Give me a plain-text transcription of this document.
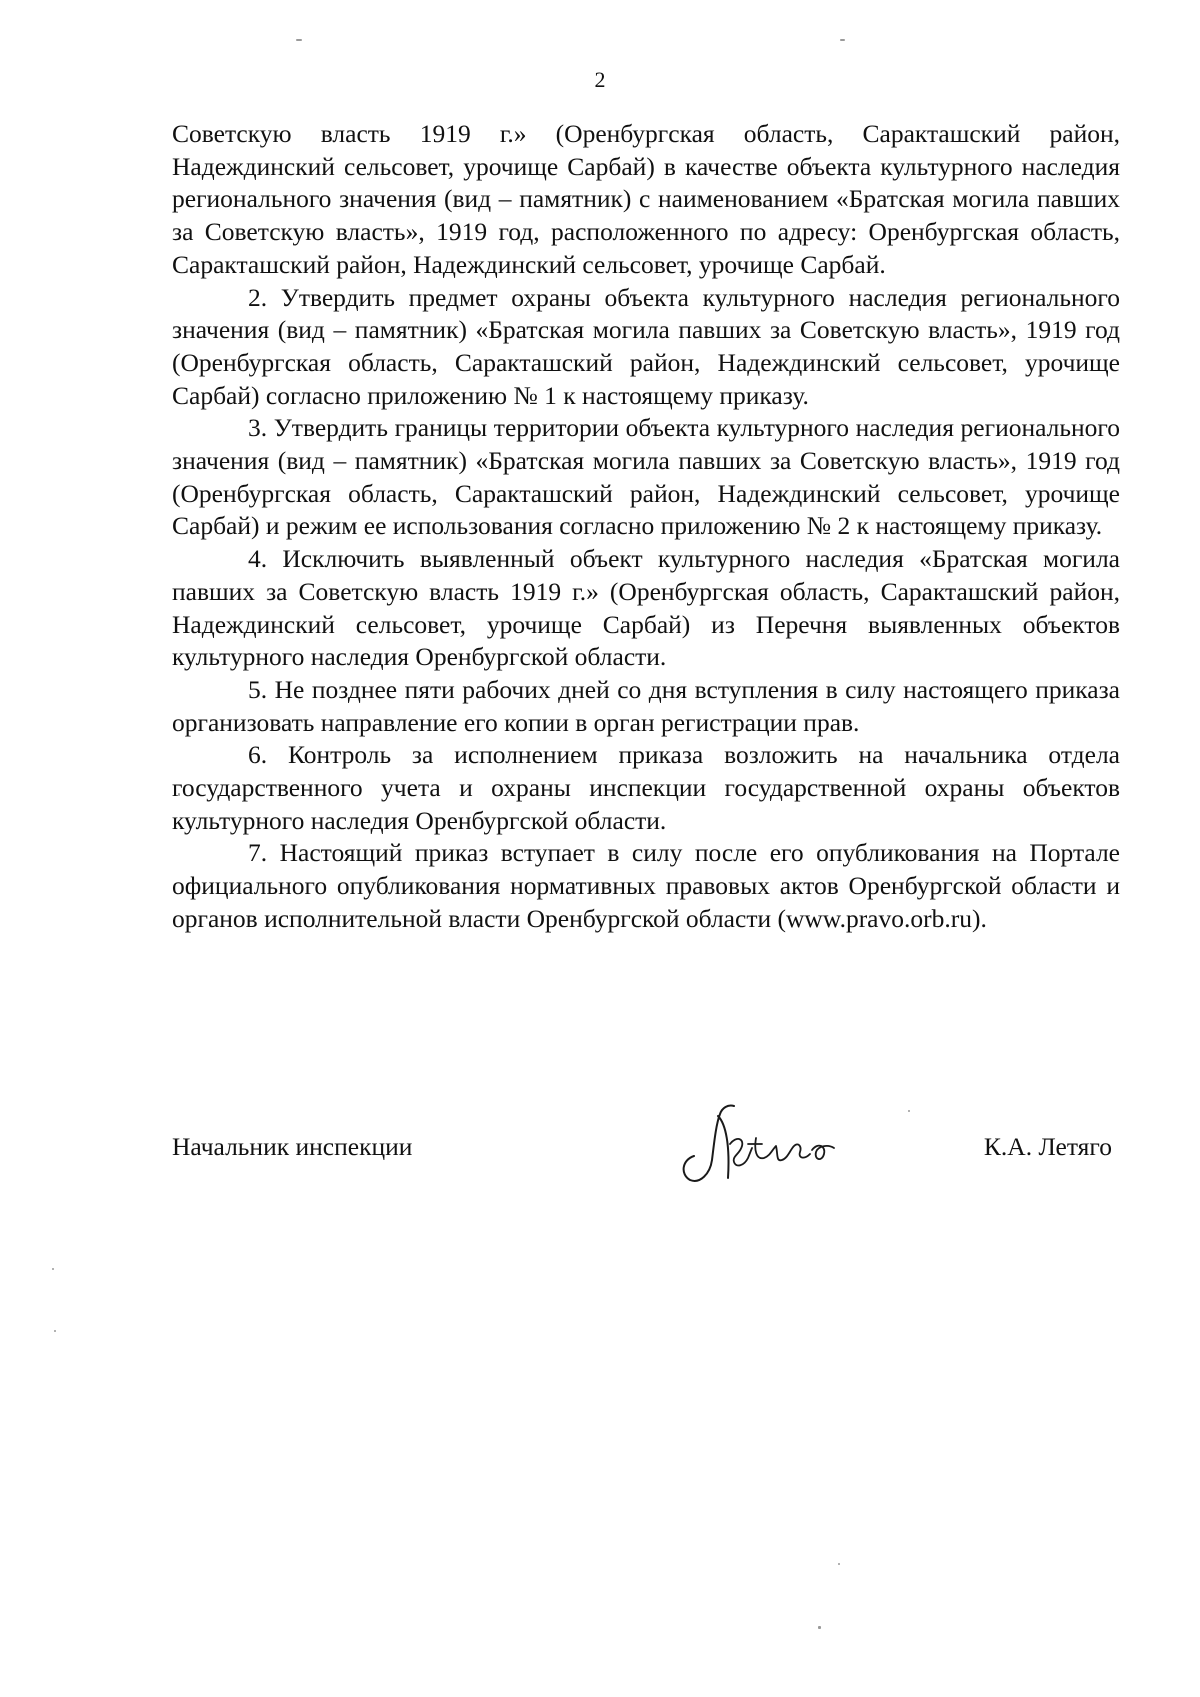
2

Советскую власть 1919 г.» (Оренбургская область, Саракташский район, Надеждинский сельсовет, урочище Сарбай) в качестве объекта культурного наследия регионального значения (вид – памятник) с наименованием «Братская могила павших за Советскую власть», 1919 год, расположенного по адресу: Оренбургская область, Саракташский район, Надеждинский сельсовет, урочище Сарбай.

2. Утвердить предмет охраны объекта культурного наследия регионального значения (вид – памятник) «Братская могила павших за Советскую власть», 1919 год (Оренбургская область, Саракташский район, Надеждинский сельсовет, урочище Сарбай) согласно приложению № 1 к настоящему приказу.

3. Утвердить границы территории объекта культурного наследия регионального значения (вид – памятник) «Братская могила павших за Советскую власть», 1919 год (Оренбургская область, Саракташский район, Надеждинский сельсовет, урочище Сарбай) и режим ее использования согласно приложению № 2 к настоящему приказу.

4. Исключить выявленный объект культурного наследия «Братская могила павших за Советскую власть 1919 г.» (Оренбургская область, Саракташский район, Надеждинский сельсовет, урочище Сарбай) из Перечня выявленных объектов культурного наследия Оренбургской области.

5. Не позднее пяти рабочих дней со дня вступления в силу настоящего приказа организовать направление его копии в орган регистрации прав.

6. Контроль за исполнением приказа возложить на начальника отдела государственного учета и охраны инспекции государственной охраны объектов культурного наследия Оренбургской области.

7. Настоящий приказ вступает в силу после его опубликования на Портале официального опубликования нормативных правовых актов Оренбургской области и органов исполнительной власти Оренбургской области (www.pravo.orb.ru).

Начальник инспекции	К.А. Летяго
